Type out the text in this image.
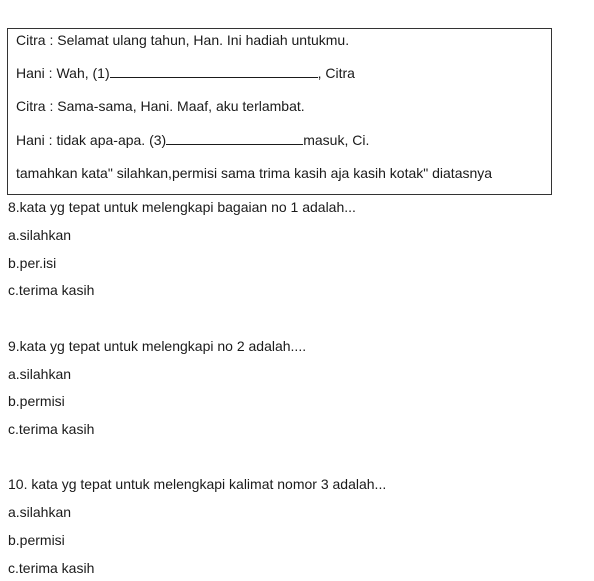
Citra : Selamat ulang tahun, Han. Ini hadiah untukmu.
Hani : Wah, (1)	, Citra
Citra : Sama-sama, Hani. Maaf, aku terlambat.
Hani : tidak apa-apa. (3)	masuk, Ci.
tamahkan kata" silahkan,permisi sama trima kasih aja kasih kotak" diatasnya
8.kata yg tepat untuk melengkapi bagaian no 1 adalah...
a.silahkan
b.per.isi
c.terima kasih
9.kata yg tepat untuk melengkapi no 2 adalah....
a.silahkan
b.permisi
c.terima kasih
10. kata yg tepat untuk melengkapi kalimat nomor 3 adalah...
a.silahkan
b.permisi
c.terima kasih
